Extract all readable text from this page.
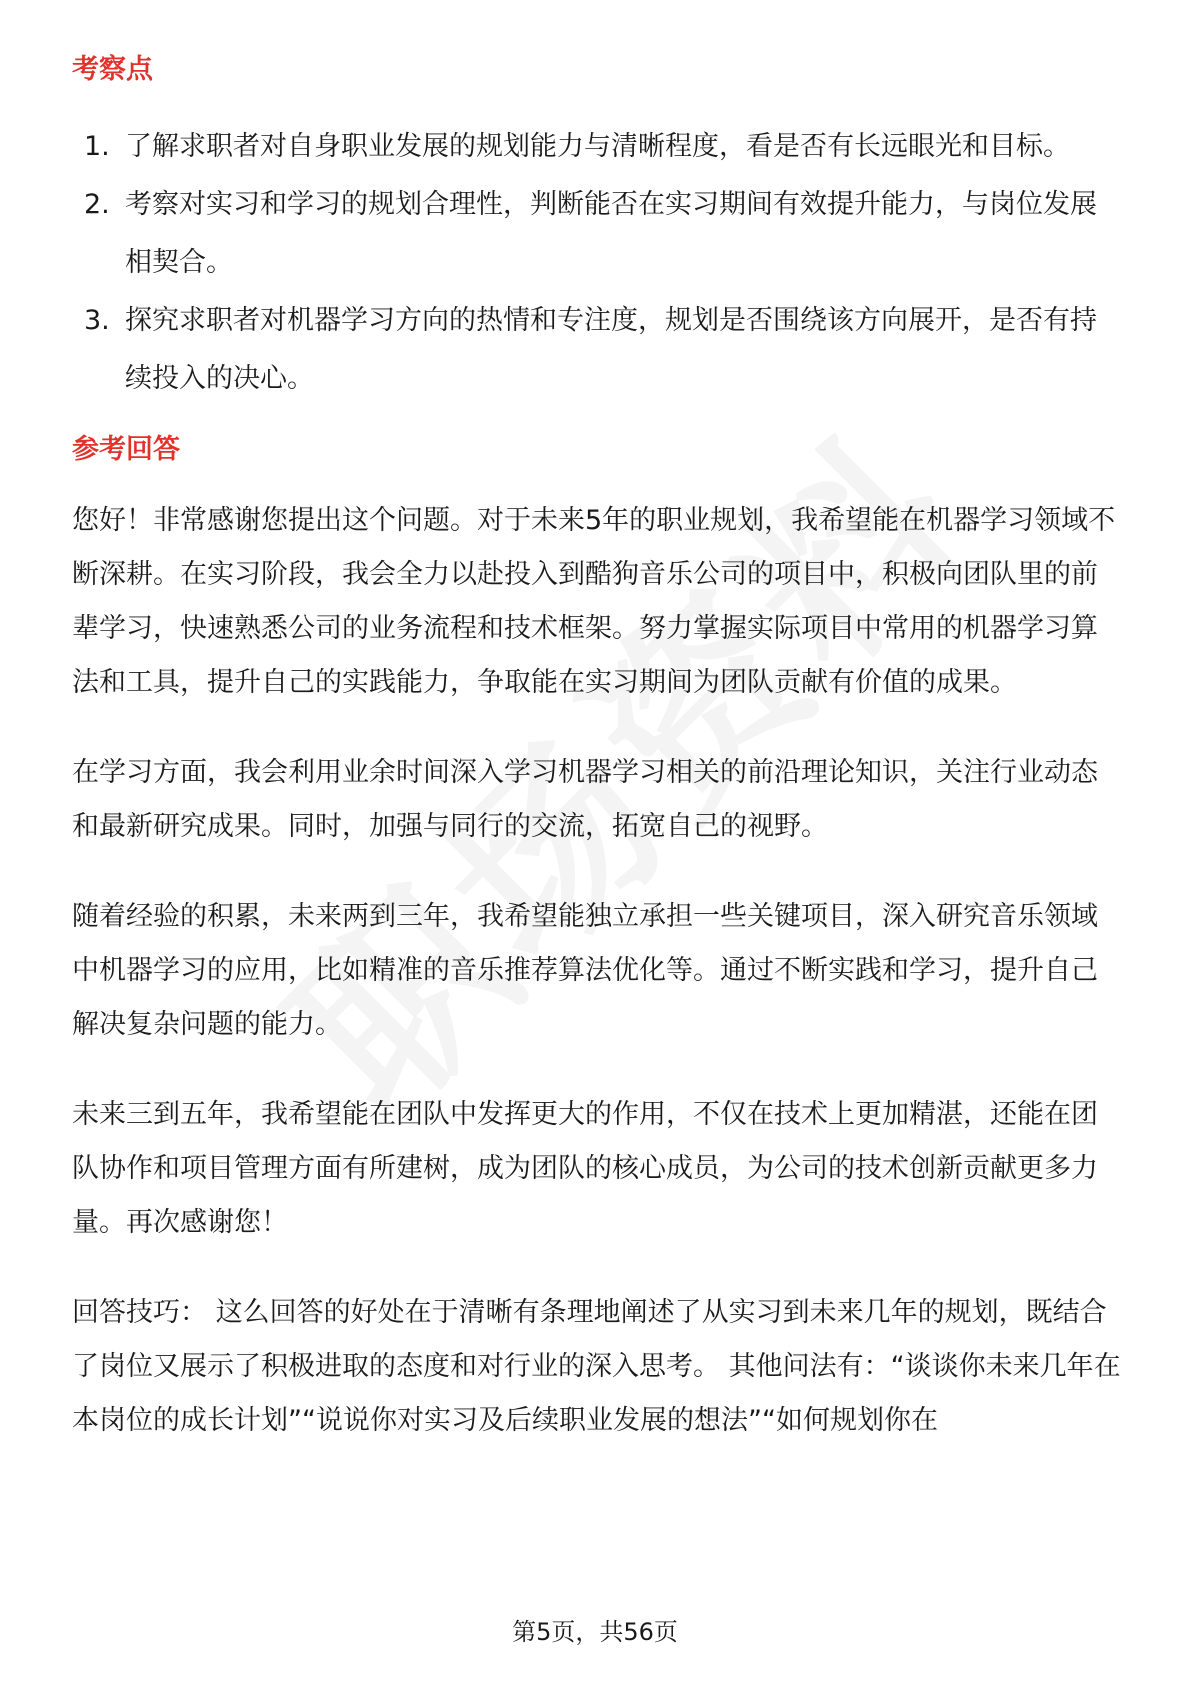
考察点
1. 了解求职者对自身职业发展的规划能力与清晰程度，看是否有长远眼光和目标。
2. 考察对实习和学习的规划合理性，判断能否在实习期间有效提升能力，与岗位发展相契合。
3. 探究求职者对机器学习方向的热情和专注度，规划是否围绕该方向展开，是否有持续投入的决心。
参考回答

您好！非常感谢您提出这个问题。对于未来5年的职业规划，我希望能在机器学习领域不断深耕。在实习阶段，我会全力以赴投入到酷狗音乐公司的项目中，积极向团队里的前辈学习，快速熟悉公司的业务流程和技术框架。努力掌握实际项目中常用的机器学习算法和工具，提升自己的实践能力，争取能在实习期间为团队贡献有价值的成果。

在学习方面，我会利用业余时间深入学习机器学习相关的前沿理论知识，关注行业动态和最新研究成果。同时，加强与同行的交流，拓宽自己的视野。

随着经验的积累，未来两到三年，我希望能独立承担一些关键项目，深入研究音乐领域中机器学习的应用，比如精准的音乐推荐算法优化等。通过不断实践和学习，提升自己解决复杂问题的能力。

未来三到五年，我希望能在团队中发挥更大的作用，不仅在技术上更加精湛，还能在团队协作和项目管理方面有所建树，成为团队的核心成员，为公司的技术创新贡献更多力量。再次感谢您！

回答技巧： 这么回答的好处在于清晰有条理地阐述了从实习到未来几年的规划，既结合了岗位又展示了积极进取的态度和对行业的深入思考。 其他问法有：“谈谈你未来几年在本岗位的成长计划”“说说你对实习及后续职业发展的想法”“如何规划你在

第5页，共56页
